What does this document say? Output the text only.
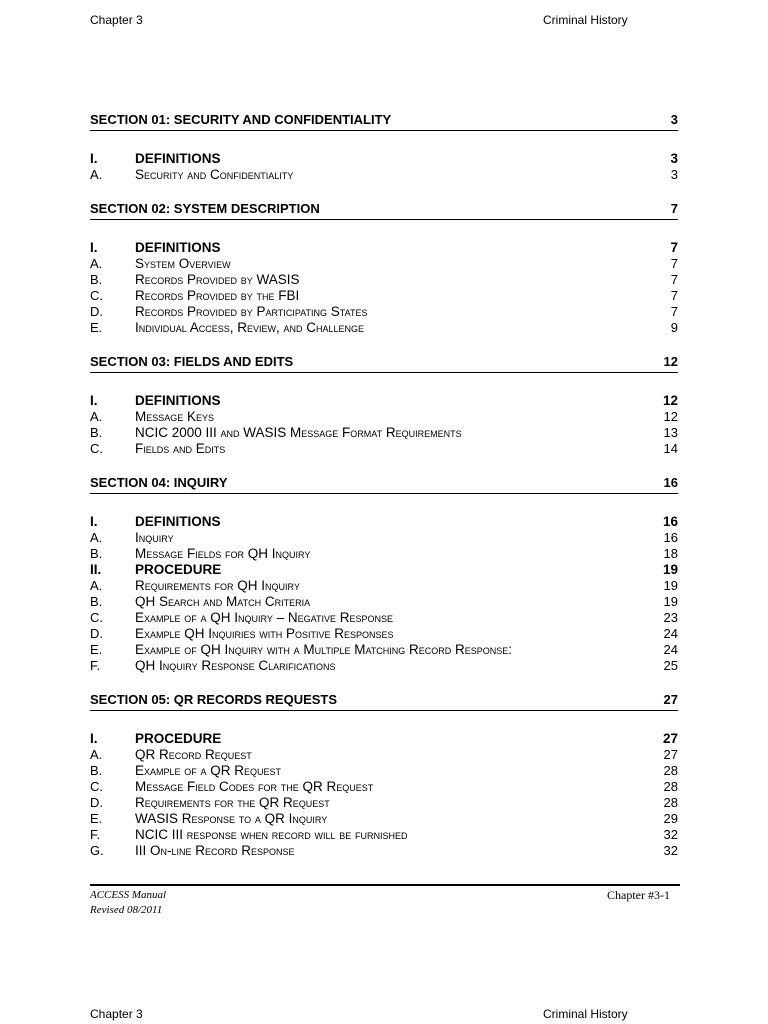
Chapter 3	Criminal History
SECTION 01: SECURITY AND CONFIDENTIALITY	3
I.	DEFINITIONS	3
A. Security and Confidentiality	3
SECTION 02: SYSTEM DESCRIPTION	7
I.	DEFINITIONS	7
A. System Overview	7
B. Records Provided by WASIS	7
C. Records Provided by the FBI	7
D. Records Provided by Participating States	7
E. Individual Access, Review, and Challenge	9
SECTION 03: FIELDS AND EDITS	12
I.	DEFINITIONS	12
A. Message Keys	12
B. NCIC 2000 III and WASIS Message Format Requirements	13
C. Fields and Edits	14
SECTION 04: INQUIRY	16
I.	DEFINITIONS	16
A. Inquiry	16
B. Message Fields for QH Inquiry	18
II. PROCEDURE	19
A. Requirements for QH Inquiry	19
B. QH Search and Match Criteria	19
C. Example of a QH Inquiry – Negative Response	23
D. Example QH Inquiries with Positive Responses	24
E. Example of QH Inquiry with a Multiple Matching Record Response:	24
F.	QH Inquiry Response Clarifications	25
SECTION 05: QR RECORDS REQUESTS	27
I.	PROCEDURE	27
A. QR Record Request	27
B. Example of a QR Request	28
C. Message Field Codes for the QR Request	28
D. Requirements for the QR Request	28
E. WASIS Response to a QR Inquiry	29
F.	NCIC III response when record will be furnished	32
G. III On-line Record Response	32
ACCESS Manual
Revised 08/2011
Chapter #3-1
Chapter 3	Criminal History
